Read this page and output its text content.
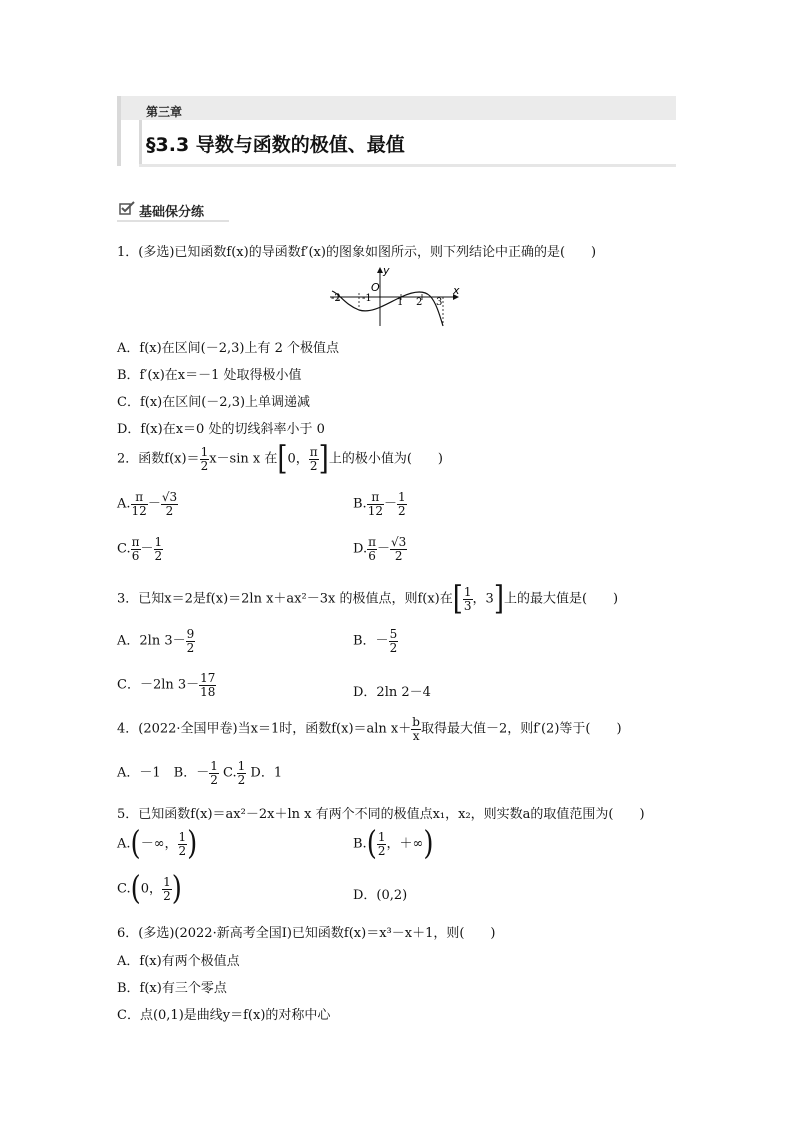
第三章
§3.3 导数与函数的极值、最值
基础保分练
1．(多选)已知函数f(x)的导函数f′(x)的图象如图所示，则下列结论中正确的是(　　)
y
x
O
-2 -1	1 2 3
A．f(x)在区间(－2,3)上有 2 个极值点
B．f′(x)在x＝－1 处取得极小值
C．f(x)在区间(－2,3)上单调递减
D．f(x)在x＝0 处的切线斜率小于 0
2．函数$f(x)= \frac{1}{2} x-\sin$ x 在[0， $\frac{\pi}{2}$ ]上的极小值为(　　)
A. $\frac{\pi}{12} - \frac{√3}{2}$	B. $\frac{\pi}{12} - \frac{1}{2}$
C. $\frac{\pi}{6} - \frac{1}{2}$	D. $\frac{\pi}{6} - \frac{√3}{2}$
3．已知x＝2是f(x)＝2ln x＋ax²－3x 的极值点，则f(x)在[ $\frac{1}{3}$ ，3]上的最大值是(　　)
A．2ln $3- \frac{9}{2}$	B．－ $\frac{5}{2}$
C．－2ln $3- \frac{17}{18}$	D．2ln 2－4
4．(2022·全国甲卷)当x＝1时，函数f(x)＝aln $x+ \frac{b}{x}$ 取得最大值－2，则f′(2)等于(　　)
A．－1　B．－ $\frac{1}{2} C$. $\frac{1}{2}$ D．1
5．已知函数f(x)＝ax²－2x＋ln x 有两个不同的极值点x₁，x₂，则实数a的取值范围为(　　)
A.(－∞， $\frac{1}{2}$ )	$B.( \frac{1}{2}$ ，＋∞)
C.(0， $\frac{1}{2}$ )	D．(0,2)
6．(多选)(2022·新高考全国Ⅰ)已知函数f(x)＝x³－x＋1，则(　　)
A．f(x)有两个极值点
B．f(x)有三个零点
C．点(0,1)是曲线y＝f(x)的对称中心
